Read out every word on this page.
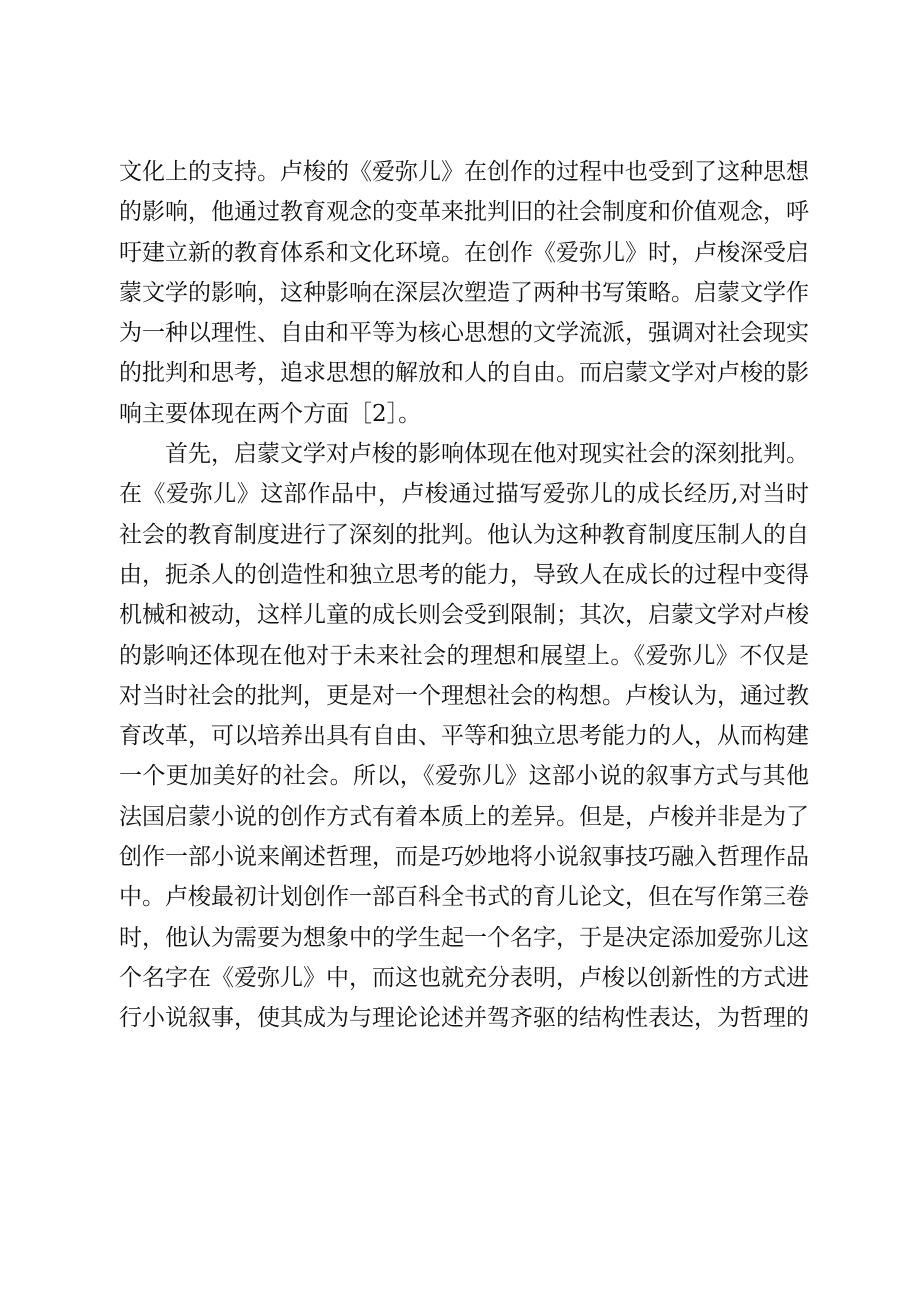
文化上的支持。卢梭的《爱弥儿》在创作的过程中也受到了这种思想
的影响，他通过教育观念的变革来批判旧的社会制度和价值观念，呼
吁建立新的教育体系和文化环境。在创作《爱弥儿》时，卢梭深受启
蒙文学的影响，这种影响在深层次塑造了两种书写策略。启蒙文学作
为一种以理性、自由和平等为核心思想的文学流派，强调对社会现实
的批判和思考，追求思想的解放和人的自由。而启蒙文学对卢梭的影
响主要体现在两个方面［2］。
　　首先，启蒙文学对卢梭的影响体现在他对现实社会的深刻批判。
在《爱弥儿》这部作品中，卢梭通过描写爱弥儿的成长经历,对当时
社会的教育制度进行了深刻的批判。他认为这种教育制度压制人的自
由，扼杀人的创造性和独立思考的能力，导致人在成长的过程中变得
机械和被动，这样儿童的成长则会受到限制；其次，启蒙文学对卢梭
的影响还体现在他对于未来社会的理想和展望上。《爱弥儿》不仅是
对当时社会的批判，更是对一个理想社会的构想。卢梭认为，通过教
育改革，可以培养出具有自由、平等和独立思考能力的人，从而构建
一个更加美好的社会。所以，《爱弥儿》这部小说的叙事方式与其他
法国启蒙小说的创作方式有着本质上的差异。但是，卢梭并非是为了
创作一部小说来阐述哲理，而是巧妙地将小说叙事技巧融入哲理作品
中。卢梭最初计划创作一部百科全书式的育儿论文，但在写作第三卷
时，他认为需要为想象中的学生起一个名字，于是决定添加爱弥儿这
个名字在《爱弥儿》中，而这也就充分表明，卢梭以创新性的方式进
行小说叙事，使其成为与理论论述并驾齐驱的结构性表达，为哲理的
